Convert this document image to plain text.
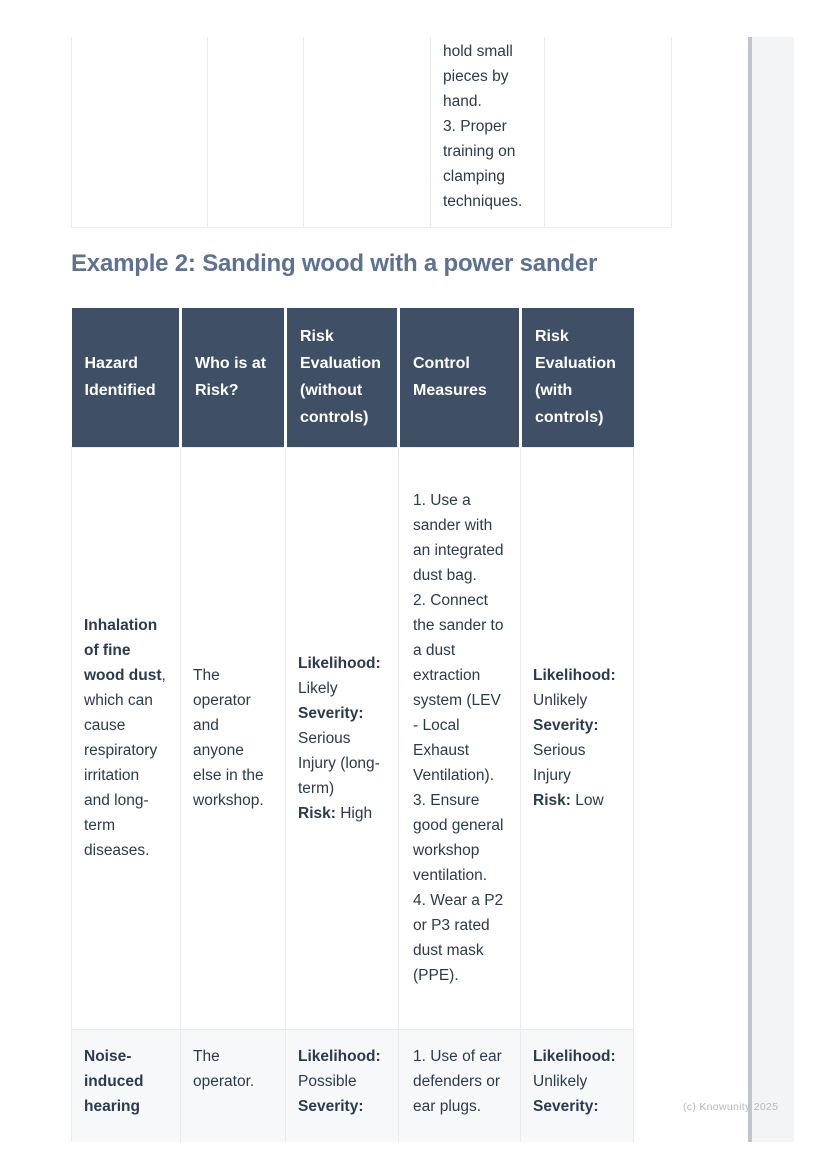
			hold small pieces by hand.
3. Proper training on clamping techniques.	
Example 2: Sanding wood with a power sander
Hazard Identified	Who is at Risk?	Risk Evaluation (without controls)	Control Measures	Risk Evaluation (with controls)
Inhalation of fine wood dust, which can cause respiratory irritation and long-term diseases.	The operator and anyone else in the workshop.	Likelihood: Likely
Severity: Serious Injury (long-term)
Risk: High	1. Use a sander with an integrated dust bag.
2. Connect the sander to a dust extraction system (LEV - Local Exhaust Ventilation).
3. Ensure good general workshop ventilation.
4. Wear a P2 or P3 rated dust mask (PPE).	Likelihood: Unlikely
Severity: Serious Injury
Risk: Low
Noise-induced hearing	The operator.	Likelihood: Possible
Severity:	1. Use of ear defenders or ear plugs.	Likelihood: Unlikely
Severity:	(c) Knowunity 2025
